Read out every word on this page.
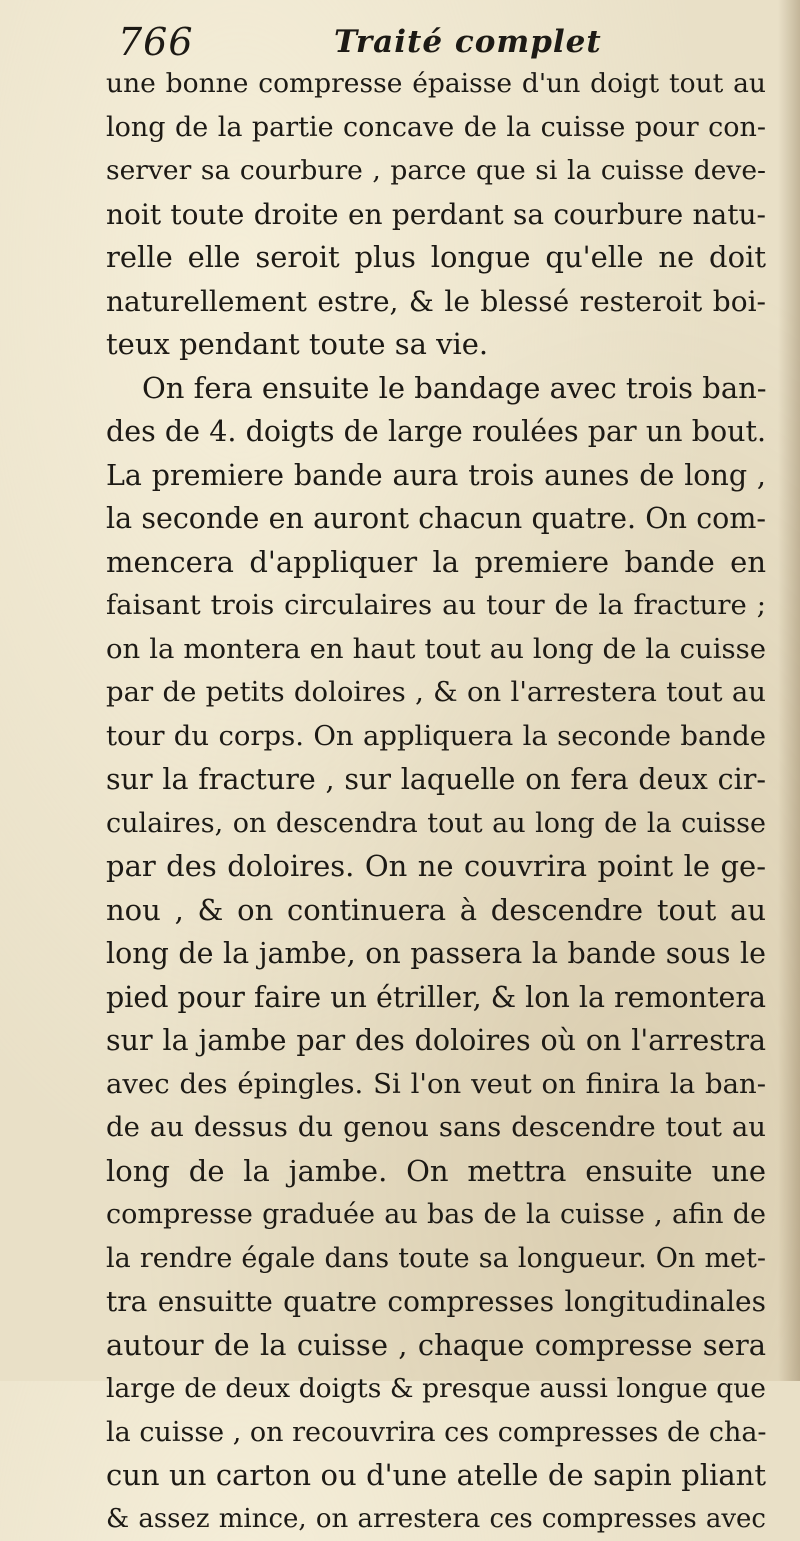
766	Traité complet
une bonne compresse épaisse d'un doigt tout au
long de la partie concave de la cuisse pour con-
server sa courbure , parce que si la cuisse deve-
noit toute droite en perdant sa courbure natu-
relle elle seroit plus longue qu'elle ne doit
naturellement estre, & le blessé resteroit boi-
teux pendant toute sa vie.
On fera ensuite le bandage avec trois ban-
des de 4. doigts de large roulées par un bout.
La premiere bande aura trois aunes de long ,
la seconde en auront chacun quatre. On com-
mencera d'appliquer la premiere bande en
faisant trois circulaires au tour de la fracture ;
on la montera en haut tout au long de la cuisse
par de petits doloires , & on l'arrestera tout au
tour du corps. On appliquera la seconde bande
sur la fracture , sur laquelle on fera deux cir-
culaires, on descendra tout au long de la cuisse
par des doloires. On ne couvrira point le ge-
nou , & on continuera à descendre tout au
long de la jambe, on passera la bande sous le
pied pour faire un étriller, & lon la remontera
sur la jambe par des doloires où on l'arrestra
avec des épingles. Si l'on veut on finira la ban-
de au dessus du genou sans descendre tout au
long de la jambe. On mettra ensuite une
compresse graduée au bas de la cuisse , afin de
la rendre égale dans toute sa longueur. On met-
tra ensuitte quatre compresses longitudinales
autour de la cuisse , chaque compresse sera
large de deux doigts & presque aussi longue que
la cuisse , on recouvrira ces compresses de cha-
cun un carton ou d'une atelle de sapin pliant
& assez mince, on arrestera ces compresses avec
